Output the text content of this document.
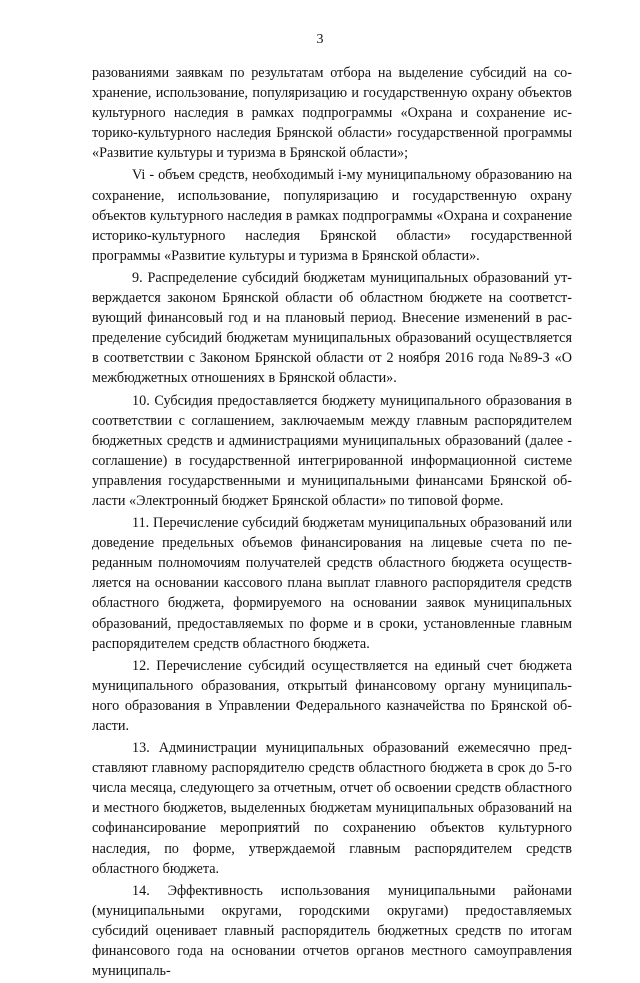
3

разованиями заявкам по результатам отбора на выделение субсидий на сохранение, использование, популяризацию и государственную охрану объектов культурного наследия в рамках подпрограммы «Охрана и сохранение историко-культурного наследия Брянской области» государственной программы «Развитие культуры и туризма в Брянской области»;

Vi - объем средств, необходимый i-му муниципальному образованию на сохранение, использование, популяризацию и государственную охрану объектов культурного наследия в рамках подпрограммы «Охрана и сохранение историко-культурного наследия Брянской области» государственной программы «Развитие культуры и туризма в Брянской области».

9. Распределение субсидий бюджетам муниципальных образований утверждается законом Брянской области об областном бюджете на соответствующий финансовый год и на плановый период. Внесение изменений в распределение субсидий бюджетам муниципальных образований осуществляется в соответствии с Законом Брянской области от 2 ноября 2016 года №89-З «О межбюджетных отношениях в Брянской области».

10. Субсидия предоставляется бюджету муниципального образования в соответствии с соглашением, заключаемым между главным распорядителем бюджетных средств и администрациями муниципальных образований (далее - соглашение) в государственной интегрированной информационной системе управления государственными и муниципальными финансами Брянской области «Электронный бюджет Брянской области» по типовой форме.

11. Перечисление субсидий бюджетам муниципальных образований или доведение предельных объемов финансирования на лицевые счета по переданным полномочиям получателей средств областного бюджета осуществляется на основании кассового плана выплат главного распорядителя средств областного бюджета, формируемого на основании заявок муниципальных образований, предоставляемых по форме и в сроки, установленные главным распорядителем средств областного бюджета.

12. Перечисление субсидий осуществляется на единый счет бюджета муниципального образования, открытый финансовому органу муниципального образования в Управлении Федерального казначейства по Брянской области.

13. Администрации муниципальных образований ежемесячно представляют главному распорядителю средств областного бюджета в срок до 5-го числа месяца, следующего за отчетным, отчет об освоении средств областного и местного бюджетов, выделенных бюджетам муниципальных образований на софинансирование мероприятий по сохранению объектов культурного наследия, по форме, утверждаемой главным распорядителем средств областного бюджета.

14. Эффективность использования муниципальными районами (муниципальными округами, городскими округами) предоставляемых субсидий оценивает главный распорядитель бюджетных средств по итогам финансового года на основании отчетов органов местного самоуправления муниципаль-
